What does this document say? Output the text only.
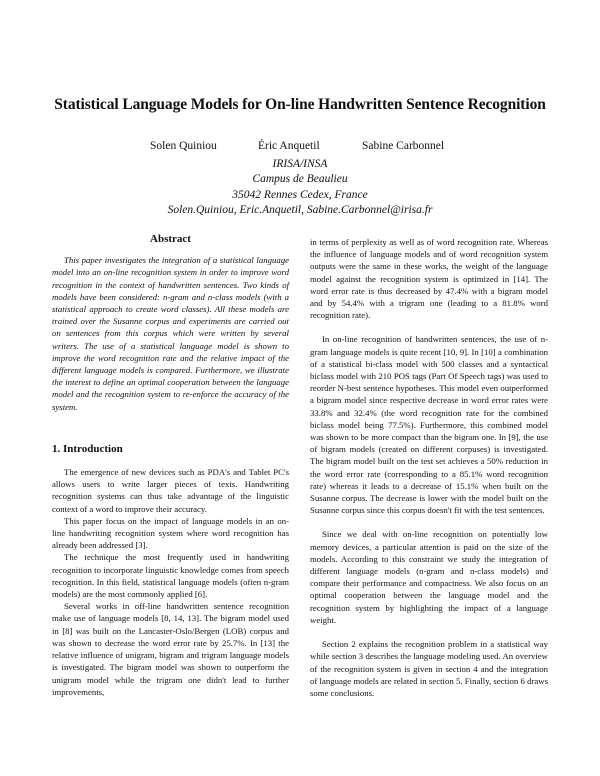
Statistical Language Models for On-line Handwritten Sentence Recognition
Solen Quiniou	Éric Anquetil	Sabine Carbonnel
IRISA/INSA
Campus de Beaulieu
35042 Rennes Cedex, France
Solen.Quiniou, Eric.Anquetil, Sabine.Carbonnel@irisa.fr
Abstract

This paper investigates the integration of a statistical language model into an on-line recognition system in order to improve word recognition in the context of handwritten sentences. Two kinds of models have been considered: n-gram and n-class models (with a statistical approach to create word classes). All these models are trained over the Susanne corpus and experiments are carried out on sentences from this corpus which were written by several writers. The use of a statistical language model is shown to improve the word recognition rate and the relative impact of the different language models is compared. Furthermore, we illustrate the interest to define an optimal cooperation between the language model and the recognition system to re-enforce the accuracy of the system.

1. Introduction

The emergence of new devices such as PDA's and Tablet PC's allows users to write larger pieces of texts. Handwriting recognition systems can thus take advantage of the linguistic context of a word to improve their accuracy.

This paper focus on the impact of language models in an on-line handwriting recognition system where word recognition has already been addressed [3].

The technique the most frequently used in handwriting recognition to incorporate linguistic knowledge comes from speech recognition. In this field, statistical language models (often n-gram models) are the most commonly applied [6].

Several works in off-line handwritten sentence recognition make use of language models [8, 14, 13]. The bigram model used in [8] was built on the Lancaster-Oslo/Bergen (LOB) corpus and was shown to decrease the word error rate by 25.7%. In [13] the relative influence of unigram, bigram and trigram language models is investigated. The bigram model was shown to outperform the unigram model while the trigram one didn't lead to further improvements,

in terms of perplexity as well as of word recognition rate. Whereas the influence of language models and of word recognition system outputs were the same in these works, the weight of the language model against the recognition system is optimized in [14]. The word error rate is thus decreased by 47.4% with a bigram model and by 54.4% with a trigram one (leading to a 81.8% word recognition rate).

In on-line recognition of handwritten sentences, the use of n-gram language models is quite recent [10, 9]. In [10] a combination of a statistical bi-class model with 500 classes and a syntactical biclass model with 210 POS tags (Part Of Speech tags) was used to reorder N-best sentence hypotheses. This model even outperformed a bigram model since respective decrease in word error rates were 33.8% and 32.4% (the word recognition rate for the combined biclass model being 77.5%). Furthermore, this combined model was shown to be more compact than the bigram one. In [9], the use of bigram models (created on different corpuses) is investigated. The bigram model built on the test set achieves a 50% reduction in the word error rate (corresponding to a 85.1% word recognition rate) whereas it leads to a decrease of 15.1% when built on the Susanne corpus. The decrease is lower with the model built on the Susanne corpus since this corpus doesn't fit with the test sentences.

Since we deal with on-line recognition on potentially low memory devices, a particular attention is paid on the size of the models. According to this constraint we study the integration of different language models (n-gram and n-class models) and compare their performance and compactness. We also focus on an optimal cooperation between the language model and the recognition system by highlighting the impact of a language weight.

Section 2 explains the recognition problem in a statistical way while section 3 describes the language modeling used. An overview of the recognition system is given in section 4 and the integration of language models are related in section 5. Finally, section 6 draws some conclusions.
